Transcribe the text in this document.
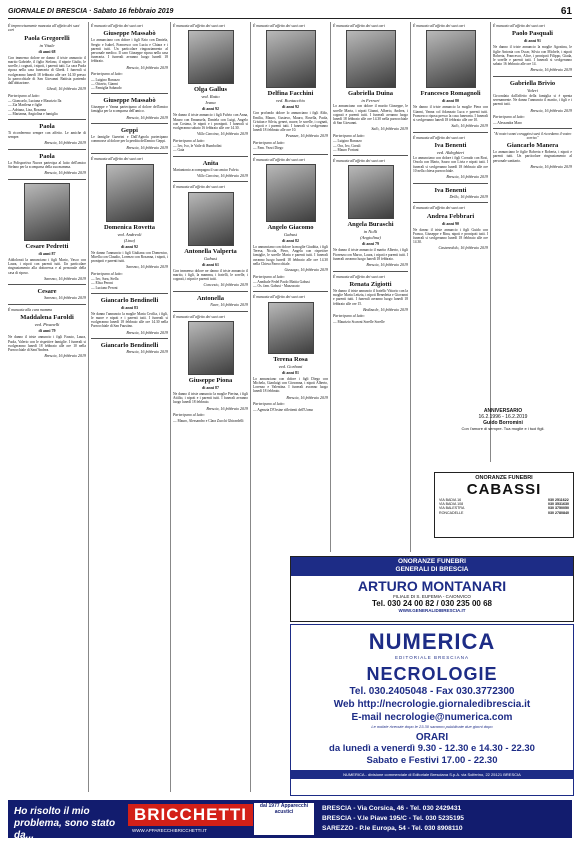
GIORNALE DI BRESCIA · Sabato 16 febbraio 2019	61

È improvvisamente mancata all'affetto dei suoi cari

Paola Gregorelli

in Vitale

di anni 68

Con immenso dolore ne danno il triste annuncio il marito Gabriele, il figlio Stefano, il nipote Giulio, le sorelle, i cognati, i nipoti, i parenti tutti. La cara Paola riposa nella casa funeraria di Ghedi. I funerali si svolgeranno lunedì 18 febbraio alle ore 14.30 presso la parrocchiale di San Giovanni Battista partendo dall'abitazione.

Ghedi, 16 febbraio 2019

Partecipano al lutto:

— Giancarlo, Luciana e Maurizio Ila
— Zia Marilena e figlie
— Adriana, Lisa, Rosanna
— Marianna, Angiolina e famiglia

Paola

Ti ricorderemo sempre con affetto. Le amiche di sempre.

Brescia, 16 febbraio 2019

Paola

La Polisportiva Nuova partecipa al lutto dell'amico Stefano per la scomparsa della sua mamma.

Brescia, 16 febbraio 2019

Cesare Pedretti

di anni 87

Addolorati la annunciano i figli Mario, Vasco con Laura, i nipoti con parenti tutti. Un particolare ringraziamento alla dottoressa e al personale della casa di riposo.

Sarezzo, 16 febbraio 2019

Cesare

Sarezzo, 16 febbraio 2019

È mancata alla cara mamma

Maddalena Faroldi

ved. Pivanelli

di anni 79

Ne danno il triste annuncio i figli Fausto, Laura, Paola, Valerio con le rispettive famiglie. I funerali si svolgeranno lunedì 18 febbraio alle ore 10 nella Parrocchiale di Sant'Andrea.

Brescia, 16 febbraio 2019

È mancato all'affetto dei suoi cari

Giuseppe Massabò

Lo annunciano con dolore i figli Ezio con Daniela, Sergio e Isabel, Francesco con Lucia e Chiara e i parenti tutti. Un particolare ringraziamento al personale medico. Il caro Giuseppe riposa nella casa funeraria. I funerali avranno luogo lunedì 18 febbraio.

Brescia, 16 febbraio 2019

Partecipano al lutto:

— Luigino Baruzzo
— Ottavio, Gianni
— Famiglia Sabaudo

Giuseppe Massabò

Giuseppe e Vanna partecipano al dolore dell'amico famiglia per la scomparsa dell'amico.

Brescia, 16 febbraio 2019

Geppi

Le famiglie Guerrini e Dall'Agnola partecipano commosse al dolore per la perdita dell'amico Geppi.

Brescia, 16 febbraio 2019

È mancata all'affetto dei suoi cari

Domenica Rovetta

ved. Andreoli

(Lina)

di anni 92

Ne danno l'annuncio i figli Giuliana con Domenico, Mirella con Claudio, Lorenzo con Rosanna, i nipoti, i pronipoti e parenti tutti.

Sarezzo, 16 febbraio 2019

Partecipano al lutto:

— Ivo, Sara, Stella
— Elisa Peroni
— Luciano Peroni

Giancarlo Bendinelli

di anni 83

Ne danno l'annuncio la moglie Maria Cecilia, i figli, le nuore e nipoti e i parenti tutti. I funerali si svolgeranno lunedì 18 febbraio alle ore 14.30 nella Parrocchiale di San Faustino.

Brescia, 16 febbraio 2019

Giancarlo Bendinelli

Brescia, 16 febbraio 2019

È mancata all'affetto dei suoi cari

Olga Gallus

ved. Ratto

Ivana

di anni 92

Ne danno il triste annuncio i figli Fulvio con Anna, Mauro con Emanuela, Daniela con Luigi, Angelo con Cosima, le nipoti e i pronipoti. I funerali si svolgeranno sabato 16 febbraio alle ore 14.30.

Villa Carcina, 16 febbraio 2019

Partecipano al lutto:

— Ivo, Ivo, le Vaile di Rumbolini
— Gaia

Anita

Mariantonio accompagna il suo amico Fulvio.

Villa Carcina, 16 febbraio 2019

È mancata all'affetto dei suoi cari

Antonella Valperta

Gabusi

di anni 61

Con immenso dolore ne danno il triste annuncio il marito, i figli, la mamma, i fratelli, le sorelle, i cognati, i nipoti e parenti tutti.

Concesio, 16 febbraio 2019

Antonella

Nave, 16 febbraio 2019

È mancato all'affetto dei suoi cari

Giuseppe Piona

di anni 87

Ne danno il triste annuncio la moglie Pierina, i figli Attilio, i nipoti e i parenti tutti. I funerali avranno luogo lunedì 18 febbraio.

Brescia, 16 febbraio 2019

Partecipano al lutto:

— Mauro, Alessandro e Clara Zucchi Ghirardelli

È mancato all'affetto dei suoi cari

Delfina Facchini

ved. Bontacchio

di anni 92

Con profondo dolore lo annunciano i figli Aldo, Emilia, Mauro, Gustavo, Mauro, Rosella, Paola, Cristian e Silvia, generi, nuore, le sorelle, i cognati, i nipoti e i parenti tutti. I funerali si svolgeranno lunedì 18 febbraio alle ore 10.

Pezzaze, 16 febbraio 2019

Partecipano al lutto:

— Fam. Vezzi Diego

È mancato all'affetto dei suoi cari

Angelo Giacomo

Gabusi

di anni 82

Lo annunciano con dolore la moglie Giuditta, i figli Teresa, Nicola, Piero, Angela con rispettive famiglie, le sorelle Maria e parenti tutti. I funerali avranno luogo lunedì 18 febbraio alle ore 14.30 nella Chiesa Parrocchiale.

Gussago, 16 febbraio 2019

Partecipano al lutto:

— Annibale Fedel Paolo Mattia Gabusi
— Os. fam. Gabusi - Mazzucato

È mancata all'affetto dei suoi cari

Terena Rosa

ved. Gorbani

di anni 81

Lo annunciano con dolore i figli Diego con Michela, Gianluigi con Giovanna, i nipoti Alberto, Lorenzo e Valentina. I funerali avranno luogo lunedì 18 febbraio.

Brescia, 16 febbraio 2019

Partecipano al lutto:

— Agenzia D'Orsine riflettenti dell'Uomo

È mancata all'affetto dei suoi cari

Gabriella Duina

in Ferrari

Lo annunciano con dolore il marito Giuseppe, le sorelle Marta, i nipoti Gianni, Alberto, Andrea, i cognati e parenti tutti. I funerali avranno luogo lunedì 18 febbraio alle ore 14.30 nella parrocchiale di San Giovanni.

Salò, 16 febbraio 2019

Partecipano al lutto:

— Luigino Baruzzo
— Ora, Ivo, Gorali
— Mauro Fortuni

È mancata all'affetto dei suoi cari

Angela Buraschi

in Nolli

(Angiolina)

di anni 79

Ne danno il triste annuncio il marito Alberto, i figli Fiorenza con Marco, Laura, i nipoti e parenti tutti. I funerali avranno luogo lunedì 18 febbraio.

Brescia, 16 febbraio 2019

È mancata all'affetto dei suoi cari

Renata Zigiotti

Ne danno il triste annuncio il fratello Vittorio con la moglie Maria Letizia, i nipoti Benedetta e Giovanni e parenti tutti. I funerali avranno luogo lunedì 18 febbraio alle ore 15.

Bedizzole, 16 febbraio 2019

Partecipano al lutto:

— Maurizio Scaroni Sorelle Sorelle

È mancato all'affetto dei suoi cari

Francesco Romagnoli

di anni 80

Ne danno il triste annuncio la moglie Piera con Gianni, Vanna col fidanzato Luca e parenti tutti. Francesco riposa presso la casa funeraria. I funerali si svolgeranno lunedì 18 febbraio alle ore 10.

Salò, 16 febbraio 2019

È mancata all'affetto dei suoi cari

Iva Benenti

ved. Aldeghieri

Lo annunciano con dolore i figli Corrado con Rosi, Orsola con Mario, Sauro con Livia e nipoti tutti. I funerali si svolgeranno lunedì 18 febbraio alle ore 10 nella chiesa parrocchiale.

Brescia, 16 febbraio 2019

Iva Benenti

Dello, 16 febbraio 2019

È mancato all'affetto dei suoi cari

Andrea Febbrari

di anni 90

Ne danno il triste annuncio i figli Guido con Franca, Giuseppe e Rina, nipoti e pronipoti tutti. I funerali si svolgeranno lunedì 18 febbraio alle ore 14.30.

Castenedolo, 16 febbraio 2019

È mancato all'affetto dei suoi cari

Paolo Pasquali

di anni 91

Ne danno il triste annuncio la moglie Agostina, le figlie Antonia con Oscar, Silvia con Michele, i nipoti Roberta, Francesco, Alice, i pronipoti Filippo, Giada, le sorelle e parenti tutti. I funerali si svolgeranno sabato 16 febbraio alle ore 14.

Brescia, 16 febbraio 2019

Gabriella Brivio

Valeri

Circondata dall'affetto della famiglia si è spenta serenamente. Ne danno l'annuncio il marito, i figli e i parenti tutti.

Brescia, 16 febbraio 2019

Partecipano al lutto:

— Alessandra Maro

"Ai nostri sonni coraggiosi sarà il ricordamo il vostro sorriso"

Giancarlo Manera

Lo annunciano le figlie Roberta e Roberta, i nipoti e parenti tutti. Un particolare ringraziamento al personale sanitario.

Brescia, 16 febbraio 2019

ANNIVERSARIO
16.2.1996 - 16.2.2019
Guido Borromini
Con l'amore di sempre. Tua moglie e i tuoi figli.
ONORANZE FUNEBRI
CABASSI
VIA BADIA 16
VIA BADIA 108
VIA BALESTRA
RONCADELLE
030 2511622
030 3531630
030 3750050
030 2780840
ONORANZE FUNEBRI
GENERALI DI BRESCIA
ARTURO MONTANARI
FILIALE DI S. EUFEMIA - CAIONVICO
Tel. 030 24 00 82 / 030 235 00 68
WWW.GENERALIDIBRESCIA.IT
NUMERICA
EDITORIALE BRESCIANA
NECROLOGIE
Tel. 030.2405048 - Fax 030.3772300
Web http://necrologie.giornaledibrescia.it
E-mail necrologie@numerica.com
Le notizie ricevute dopo le 23.30 saranno pubblicate due giorni dopo
ORARI
da lunedì a venerdì 9.30 - 12.30 e 14.30 - 22.30
Sabato e Festivi 17.00 - 22.30
NUMERICA - divisione commerciale di Editoriale Bresciana S.p.A. via Solferino, 22 25121 BRESCIA
Ho risolto il mio problema, sono stato da...
BRICCHETTI
WWW.APPARECCHIBRICCHETTI.IT
dal 1977 Apparecchi acustici	BRESCIA - Via Corsica, 46 - Tel. 030 2429431
BRESCIA - V.le Piave 195/C - Tel. 030 5235195
SAREZZO - P.le Europa, 54 - Tel. 030 8908110
